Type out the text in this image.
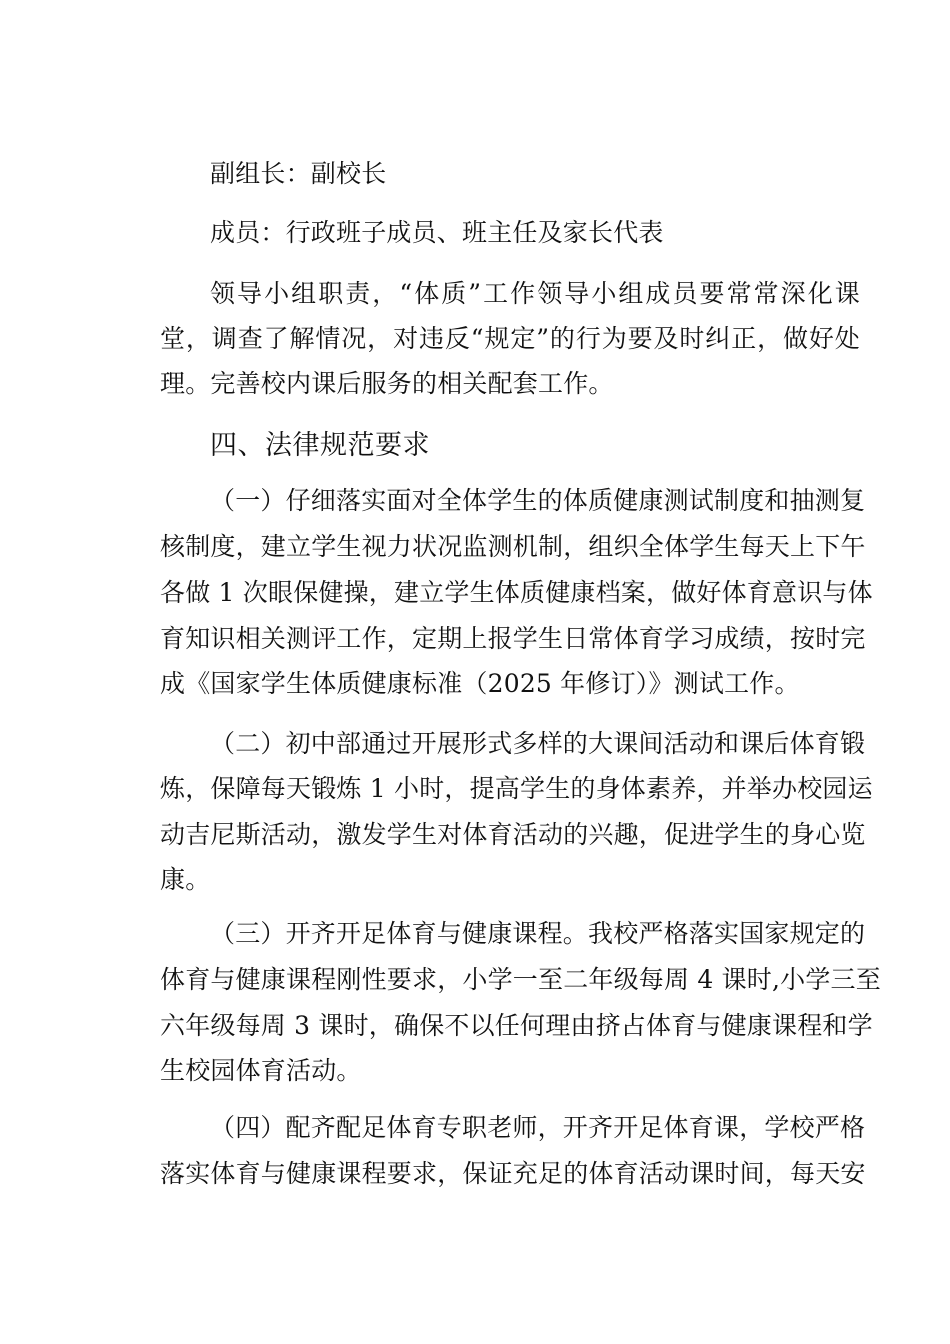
副组长：副校长
成员：行政班子成员、班主任及家长代表
领导小组职责，“体质”工作领导小组成员要常常深化课
堂，调查了解情况，对违反“规定”的行为要及时纠正，做好处
理。完善校内课后服务的相关配套工作。
四、法律规范要求
（一）仔细落实面对全体学生的体质健康测试制度和抽测复
核制度，建立学生视力状况监测机制，组织全体学生每天上下午
各做 1 次眼保健操，建立学生体质健康档案，做好体育意识与体
育知识相关测评工作，定期上报学生日常体育学习成绩，按时完
成《国家学生体质健康标准（2025 年修订）》测试工作。
（二）初中部通过开展形式多样的大课间活动和课后体育锻
炼，保障每天锻炼 1 小时，提高学生的身体素养，并举办校园运
动吉尼斯活动，激发学生对体育活动的兴趣，促进学生的身心览
康。
（三）开齐开足体育与健康课程。我校严格落实国家规定的
体育与健康课程刚性要求，小学一至二年级每周 4 课时,小学三至
六年级每周 3 课时，确保不以任何理由挤占体育与健康课程和学
生校园体育活动。
（四）配齐配足体育专职老师，开齐开足体育课，学校严格
落实体育与健康课程要求，保证充足的体育活动课时间，每天安
